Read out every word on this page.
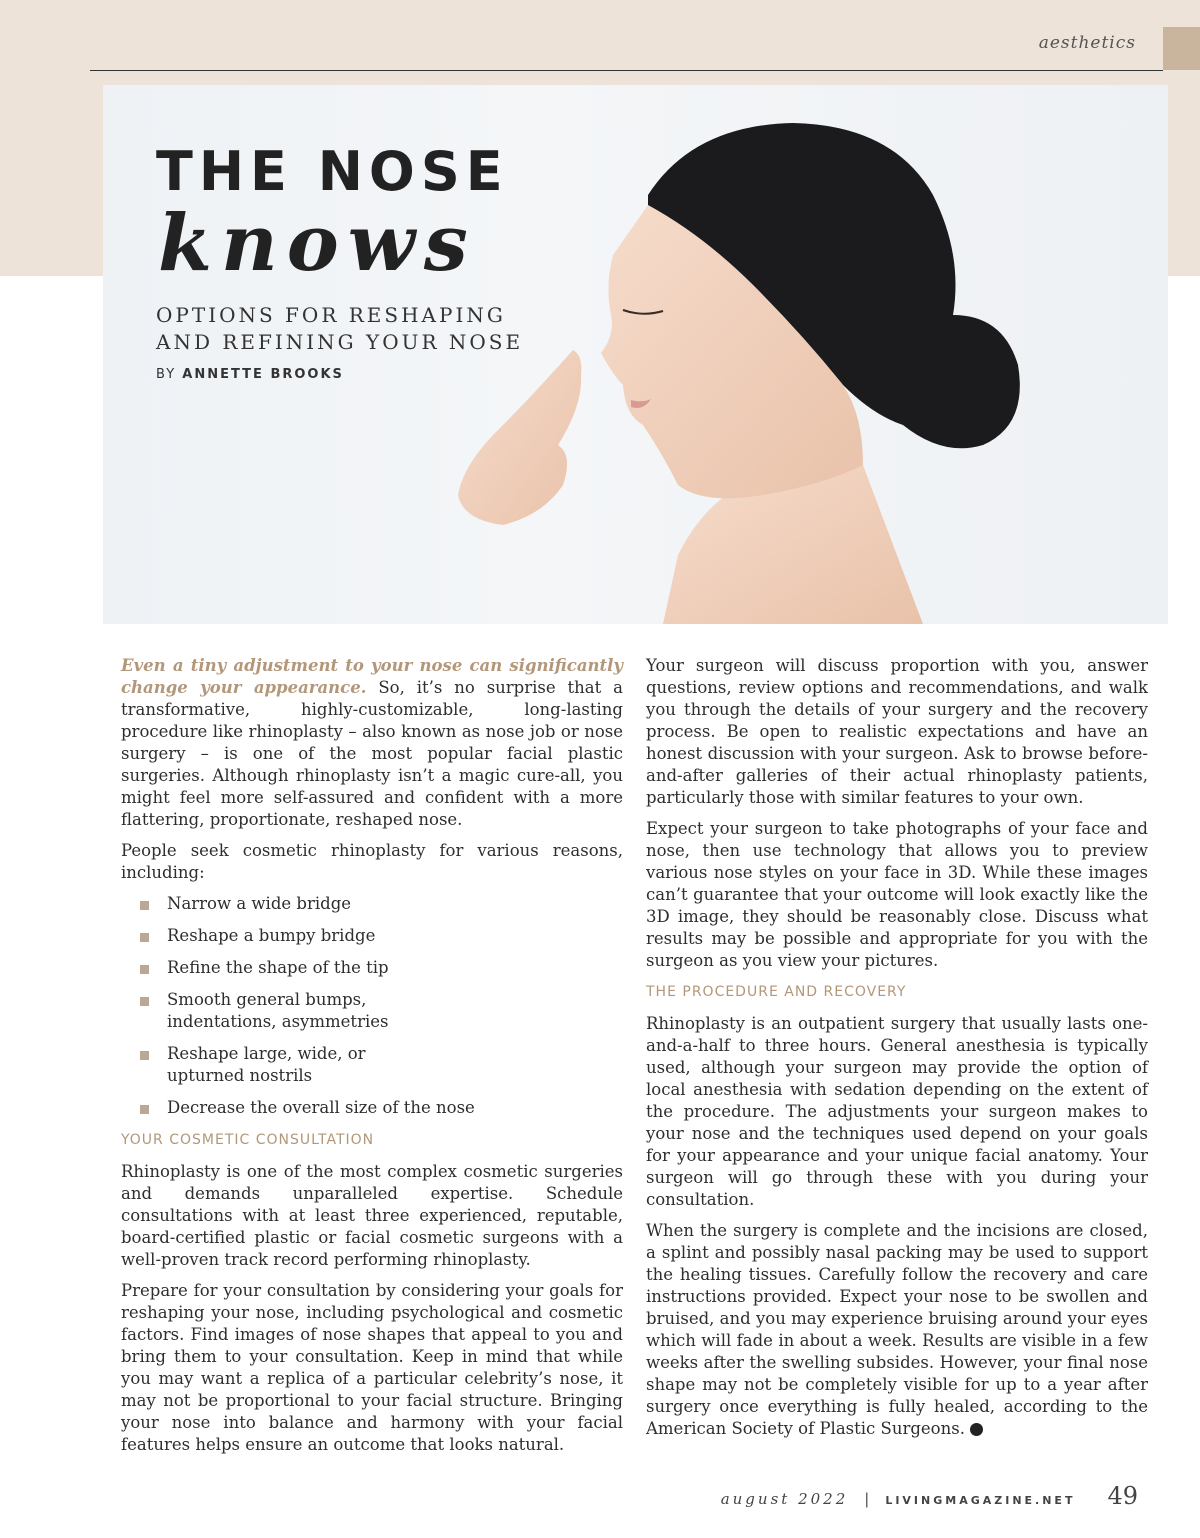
aesthetics
THE NOSE
knows

OPTIONS FOR RESHAPING
AND REFINING YOUR NOSE

BY ANNETTE BROOKS

Even a tiny adjustment to your nose can significantly change your appearance. So, it’s no surprise that a transformative, highly-customizable, long-lasting procedure like rhinoplasty – also known as nose job or nose surgery – is one of the most popular facial plastic surgeries. Although rhinoplasty isn’t a magic cure-all, you might feel more self-assured and confident with a more flattering, proportionate, reshaped nose.

People seek cosmetic rhinoplasty for various reasons, including:

Narrow a wide bridge
Reshape a bumpy bridge
Refine the shape of the tip
Smooth general bumps, indentations, asymmetries
Reshape large, wide, or upturned nostrils
Decrease the overall size of the nose
YOUR COSMETIC CONSULTATION

Rhinoplasty is one of the most complex cosmetic surgeries and demands unparalleled expertise. Schedule consultations with at least three experienced, reputable, board-certified plastic or facial cosmetic surgeons with a well-proven track record performing rhinoplasty.

Prepare for your consultation by considering your goals for reshaping your nose, including psychological and cosmetic factors. Find images of nose shapes that appeal to you and bring them to your consultation. Keep in mind that while you may want a replica of a particular celebrity’s nose, it may not be proportional to your facial structure. Bringing your nose into balance and harmony with your facial features helps ensure an outcome that looks natural.

Your surgeon will discuss proportion with you, answer questions, review options and recommendations, and walk you through the details of your surgery and the recovery process. Be open to realistic expectations and have an honest discussion with your surgeon. Ask to browse before-and-after galleries of their actual rhinoplasty patients, particularly those with similar features to your own.

Expect your surgeon to take photographs of your face and nose, then use technology that allows you to preview various nose styles on your face in 3D. While these images can’t guarantee that your outcome will look exactly like the 3D image, they should be reasonably close. Discuss what results may be possible and appropriate for you with the surgeon as you view your pictures.

THE PROCEDURE AND RECOVERY

Rhinoplasty is an outpatient surgery that usually lasts one-and-a-half to three hours. General anesthesia is typically used, although your surgeon may provide the option of local anesthesia with sedation depending on the extent of the procedure. The adjustments your surgeon makes to your nose and the techniques used depend on your goals for your appearance and your unique facial anatomy. Your surgeon will go through these with you during your consultation.

When the surgery is complete and the incisions are closed, a splint and possibly nasal packing may be used to support the healing tissues. Carefully follow the recovery and care instructions provided. Expect your nose to be swollen and bruised, and you may experience bruising around your eyes which will fade in about a week. Results are visible in a few weeks after the swelling subsides. However, your final nose shape may not be completely visible for up to a year after surgery once everything is fully healed, according to the American Society of Plastic Surgeons.

august 2022 | LIVINGMAGAZINE.NET 49
